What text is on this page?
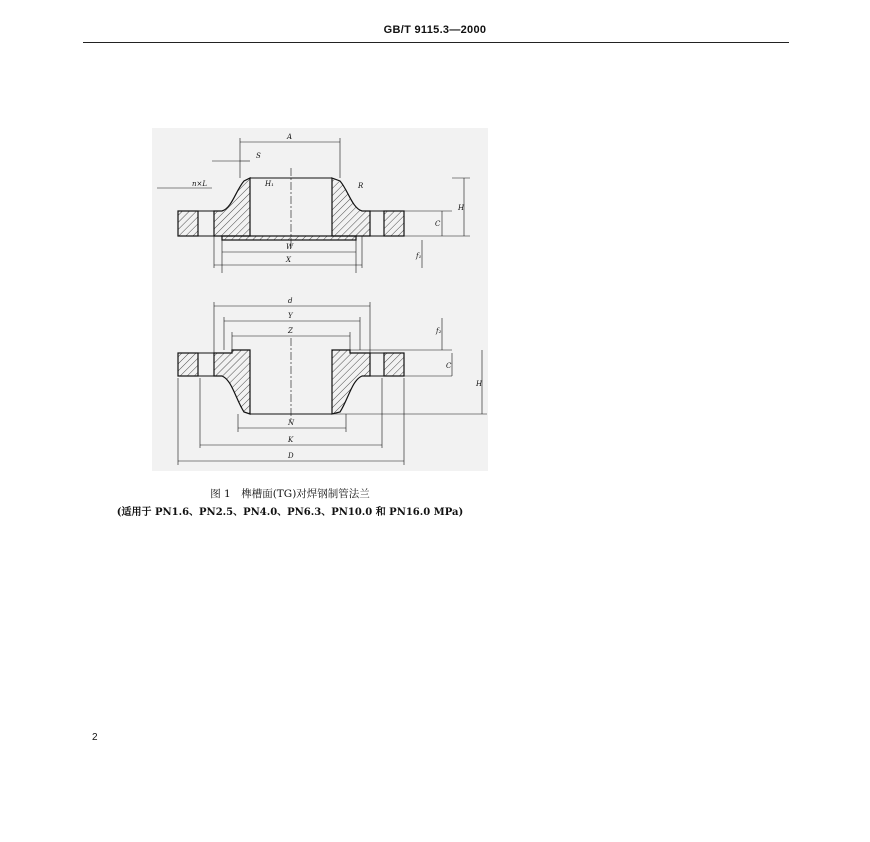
GB/T 9115.3—2000
A
S
H₁	R
n×L
H
C
f₁
W
X
d
Y
Z	f₂
C
H
N
K
D
图 1　榫槽面(TG)对焊钢制管法兰
(适用于 PN1.6、PN2.5、PN4.0、PN6.3、PN10.0 和 PN16.0 MPa)
2
